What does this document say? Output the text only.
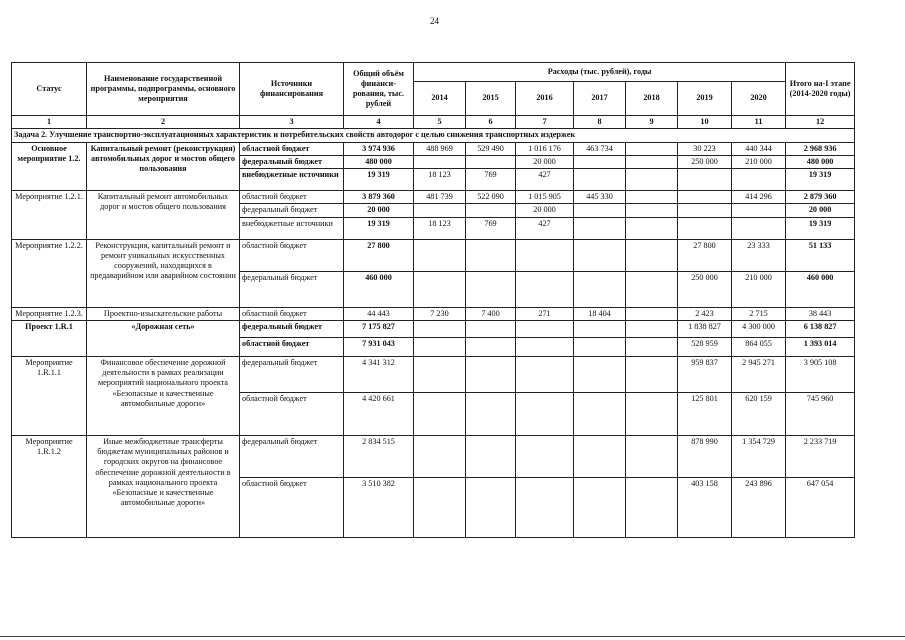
24
Статус	Наименование государственной программы, подпрограммы, основного мероприятия	Источники финансирования	Общий объём финанси-рования, тыс. рублей	Расходы (тыс. рублей), годы							Итого на-I этапе (2014-2020 годы)
				2014	2015	2016	2017	2018	2019	2020	
1	2	3	4	5	6	7	8	9	10	11	12
Задача 2. Улучшение транспортно-эксплуатационных характеристик и потребительских свойств автодорог с целью снижения транспортных издержек											
Основное мероприятие 1.2.	Капитальный ремонт (реконструкция) автомобильных дорог и мостов общего пользования	областной бюджет	3 974 936	488 969	529 490	1 016 176	463 734		30 223	440 344	2 968 936
		федеральный бюджет	480 000			20 000			250 000	210 000	480 000
		внебюджетные источники	19 319	18 123	769	427					19 319
Мероприятие 1.2.1.	Капитальный ремонт автомобильных дорог и мостов общего пользования	областной бюджет	3 879 360	481 739	522 090	1 015 905	445 330			414 296	2 879 360
		федеральный бюджет	20 000			20 000					20 000
		внебюджетные источники	19 319	18 123	769	427					19 319
Мероприятие 1.2.2.	Реконструкция, капитальный ремонт и ремонт уникальных искусственных сооружений, находящихся в предаварийном или аварийном состоянии	областной бюджет	27 800						27 800	23 333	51 133
		федеральный бюджет	460 000						250 000	210 000	460 000
Мероприятие 1.2.3.	Проектно-изыскательские работы	областной бюджет	44 443	7 230	7 400	271	18 404		2 423	2 715	38 443
Проект 1.R.1	«Дорожная сеть»	федеральный бюджет	7 175 827						1 838 827	4 300 000	6 138 827
		областной бюджет	7 931 043						528 959	864 055	1 393 014
Мероприятие 1.R.1.1	Финансовое обеспечение дорожной деятельности в рамках реализации мероприятий национального проекта «Безопасные и качественные автомобильные дороги»	федеральный бюджет	4 341 312						959 837	2 945 271	3 905 108
		областной бюджет	4 420 661						125 801	620 159	745 960
Мероприятие 1.R.1.2	Иные межбюджетные трансферты бюджетам муниципальных районов и городских округов на финансовое обеспечение дорожной деятельности в рамках национального проекта «Безопасные и качественные автомобильные дороги»	федеральный бюджет	2 834 515						878 990	1 354 729	2 233 719
		областной бюджет	3 510 382						403 158	243 896	647 054
